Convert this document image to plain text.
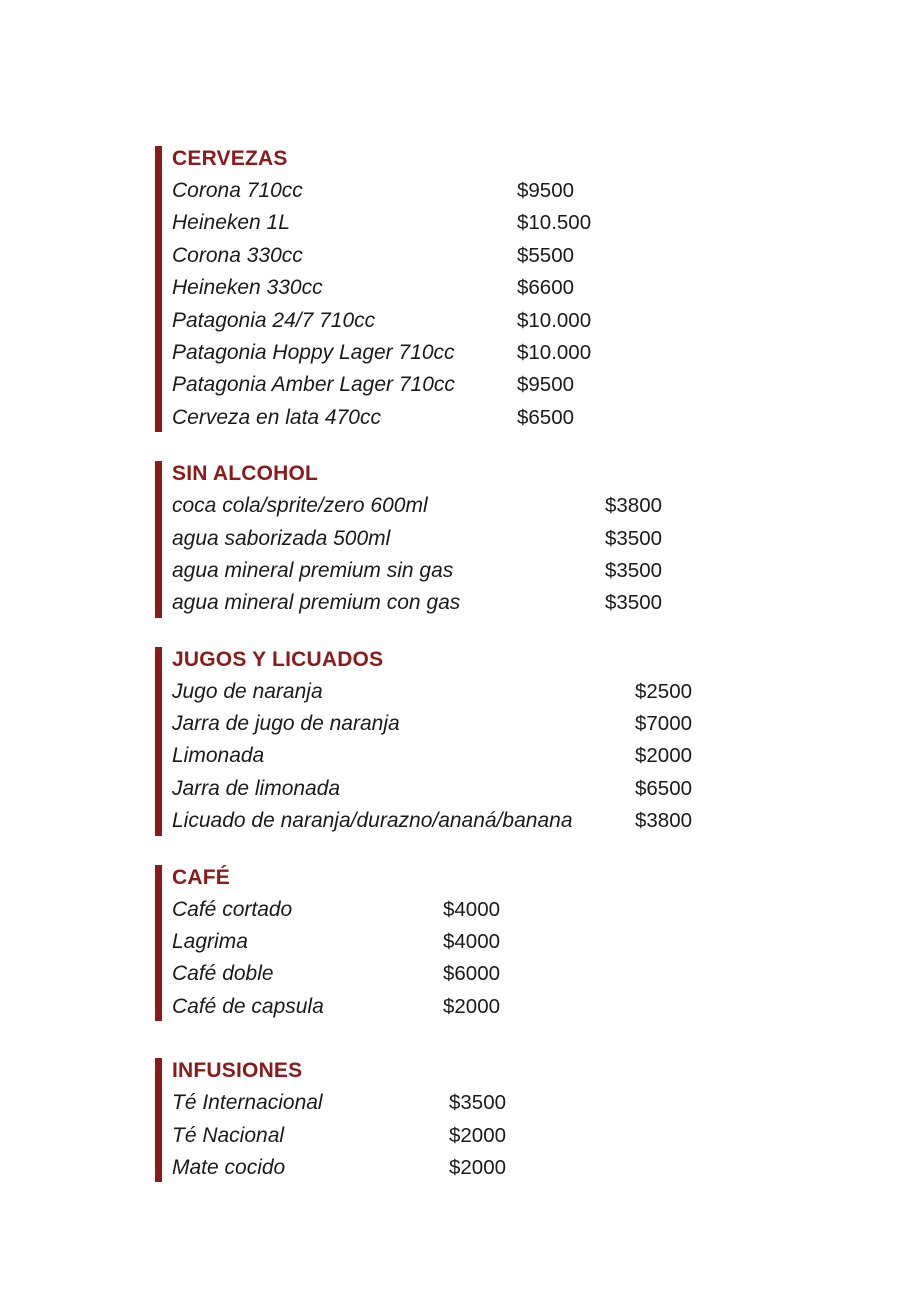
CERVEZAS
Corona 710cc	$9500
Heineken 1L	$10.500
Corona 330cc	$5500
Heineken 330cc	$6600
Patagonia 24/7 710cc	$10.000
Patagonia Hoppy Lager 710cc	$10.000
Patagonia Amber Lager 710cc	$9500
Cerveza en lata 470cc	$6500
SIN ALCOHOL
coca cola/sprite/zero 600ml	$3800
agua saborizada 500ml	$3500
agua mineral premium sin gas	$3500
agua mineral premium con gas	$3500
JUGOS Y LICUADOS
Jugo de naranja	$2500
Jarra de jugo de naranja	$7000
Limonada	$2000
Jarra de limonada	$6500
Licuado de naranja/durazno/ananá/banana	$3800
CAFÉ
Café cortado	$4000
Lagrima	$4000
Café doble	$6000
Café de capsula	$2000
INFUSIONES
Té Internacional	$3500
Té Nacional	$2000
Mate cocido	$2000
